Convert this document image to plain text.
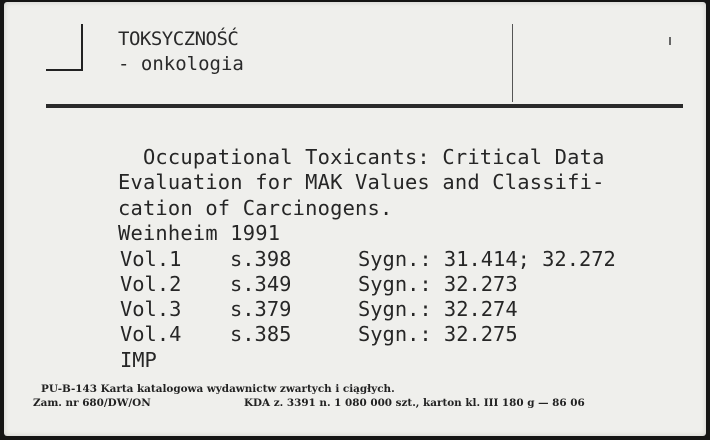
TOKSYCZNOŚĆ
- onkologia
Occupational Toxicants: Critical Data
Evaluation for MAK Values and Classifi-
cation of Carcinogens.
Weinheim 1991
Vol.1 s.398	Sygn.: 31.414; 32.272
Vol.2 s.349	Sygn.: 32.273
Vol.3 s.379	Sygn.: 32.274
Vol.4 s.385	Sygn.: 32.275
IMP
PU-B-143 Karta katalogowa wydawnictw zwartych i ciągłych.
Zam. nr 680/DW/ON	KDA z. 3391 n. 1 080 000 szt., karton kl. III 180 g — 86 06
